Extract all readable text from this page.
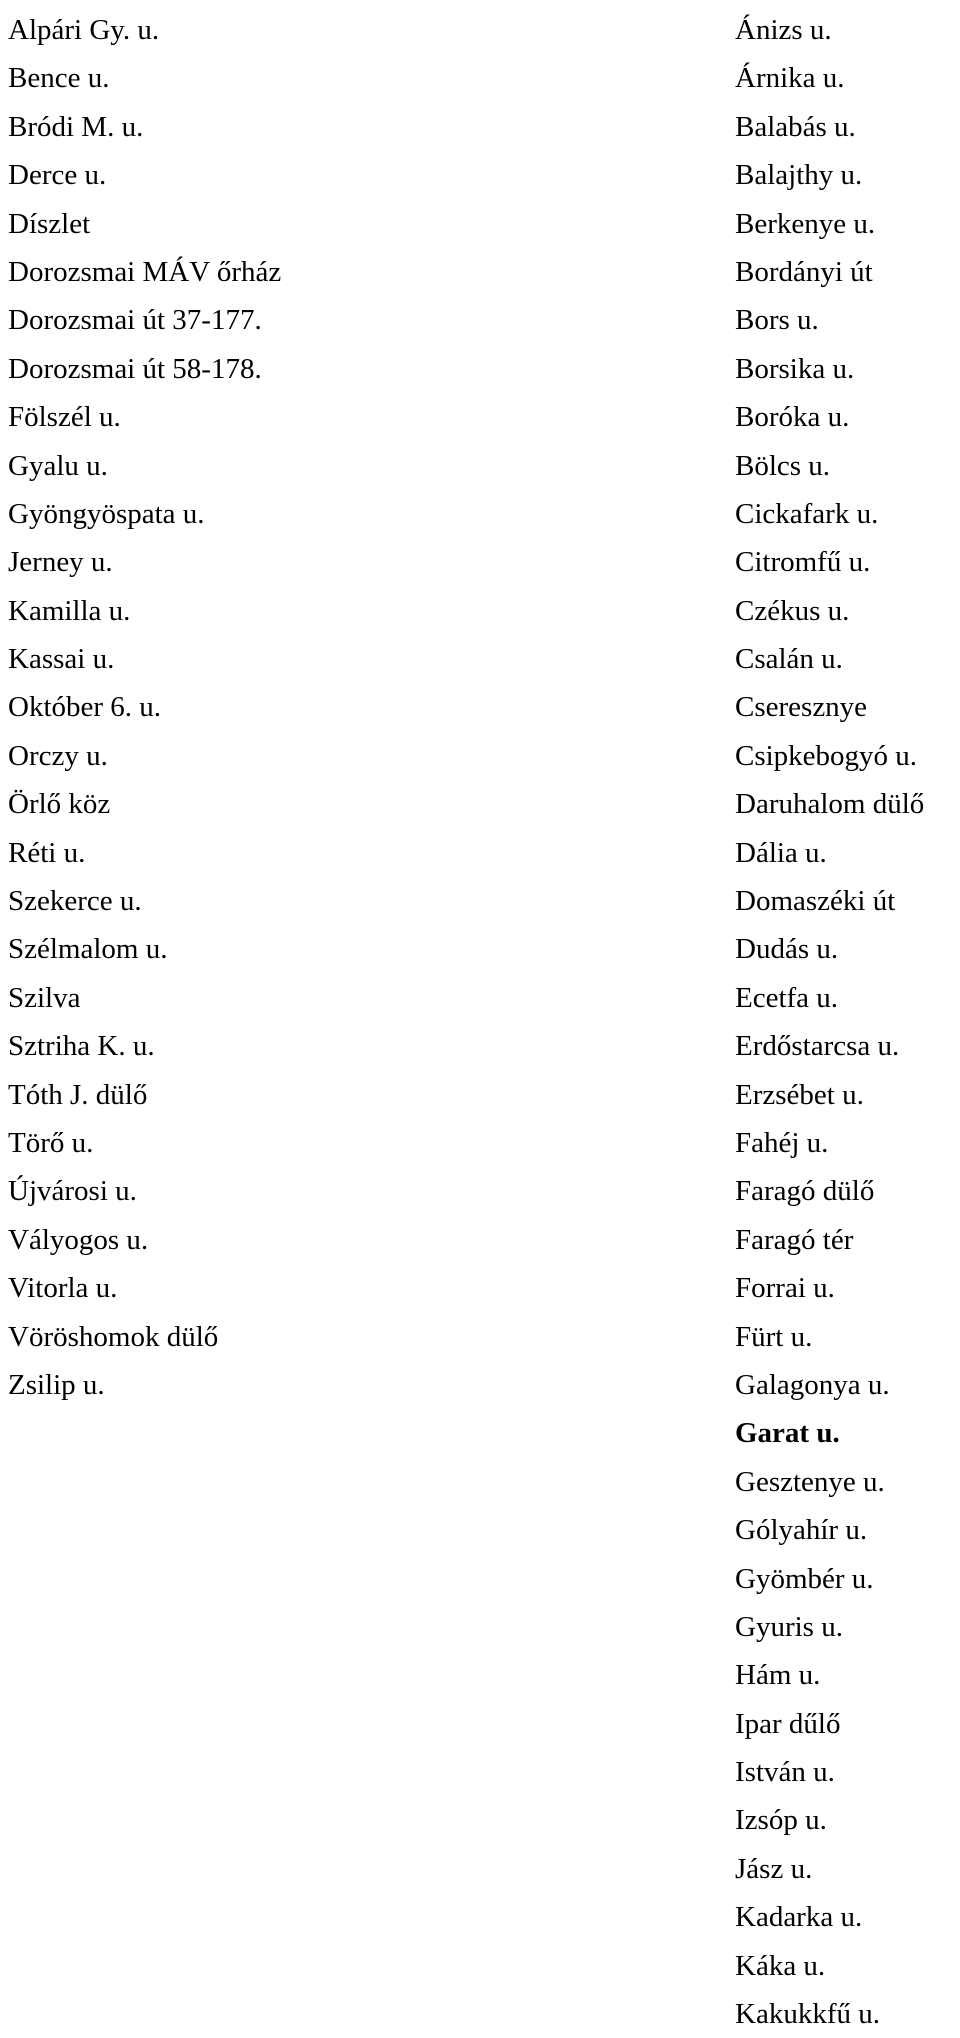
Alpári Gy. u.
Bence u.
Bródi M. u.
Derce u.
Díszlet
Dorozsmai MÁV őrház
Dorozsmai út 37-177.
Dorozsmai út 58-178.
Fölszél u.
Gyalu u.
Gyöngyöspata u.
Jerney u.
Kamilla u.
Kassai u.
Október 6. u.
Orczy u.
Örlő köz
Réti u.
Szekerce u.
Szélmalom u.
Szilva
Sztriha K. u.
Tóth J. dülő
Törő u.
Újvárosi u.
Vályogos u.
Vitorla u.
Vöröshomok dülő
Zsilip u.
Ánizs u.
Árnika u.
Balabás u.
Balajthy u.
Berkenye u.
Bordányi út
Bors u.
Borsika u.
Boróka u.
Bölcs u.
Cickafark u.
Citromfű u.
Czékus u.
Csalán u.
Cseresznye
Csipkebogyó u.
Daruhalom dülő
Dália u.
Domaszéki út
Dudás u.
Ecetfa u.
Erdőstarcsa u.
Erzsébet u.
Fahéj u.
Faragó dülő
Faragó tér
Forrai u.
Fürt u.
Galagonya u.
Garat u.
Gesztenye u.
Gólyahír u.
Gyömbér u.
Gyuris u.
Hám u.
Ipar dűlő
István u.
Izsóp u.
Jász u.
Kadarka u.
Káka u.
Kakukkfű u.
